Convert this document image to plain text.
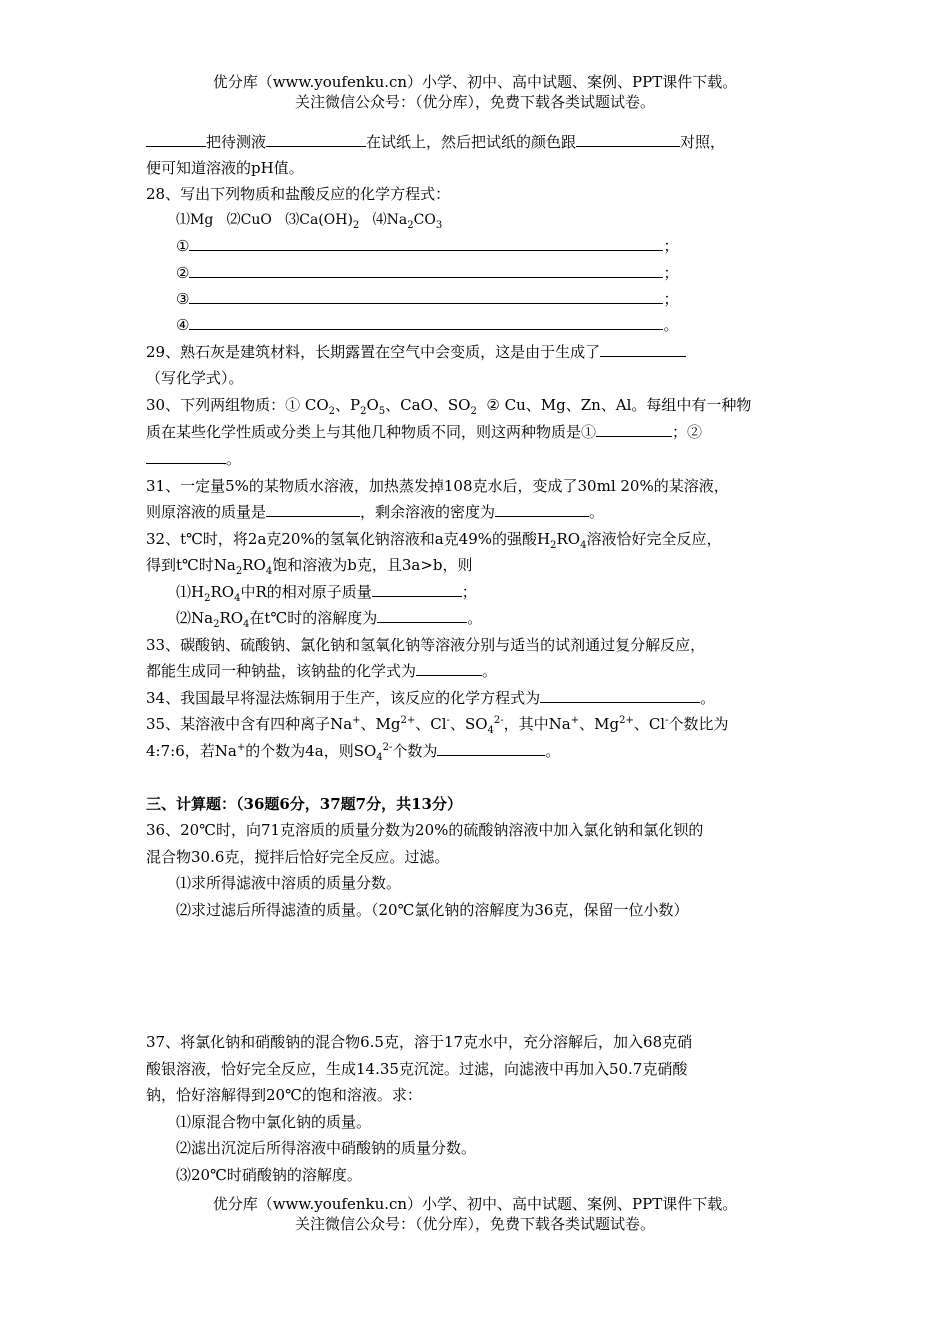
优分库（www.youfenku.cn）小学、初中、高中试题、案例、PPT课件下载。
关注微信公众号：（优分库），免费下载各类试题试卷。
把待测液	在试纸上，然后把试纸的颜色跟	对照，
便可知道溶液的pH值。
28、写出下列物质和盐酸反应的化学方程式：
⑴Mg ⑵CuO $⑶Ca(OH)_2$ $⑷Na_2CO_3$
①	；
②	；
③	；
④	。
29、熟石灰是建筑材料，长期露置在空气中会变质，这是由于生成了
（写化学式）。
30、下列两组物质：① $CO_2$、$P_2O_5$、CaO、$SO_2$  ② Cu、Mg、Zn、Al。每组中有一种物
质在某些化学性质或分类上与其他几种物质不同，则这两种物质是①	；②
。
31、一定量5%的某物质水溶液，加热蒸发掉108克水后，变成了30ml 20%的某溶液，
则原溶液的质量是	，剩余溶液的密度为	。
32、t℃时，将2a克20%的氢氧化钠溶液和a克49%的强酸$H_2RO_4$溶液恰好完全反应，
得到t℃时$Na_2RO_4$饱和溶液为b克，且3a>b，则
$⑴H_2RO_4$中R的相对原子质量	；
$⑵Na_2RO_4$在t℃时的溶解度为	。
33、碳酸钠、硫酸钠、氯化钠和氢氧化钠等溶液分别与适当的试剂通过复分解反应，
都能生成同一种钠盐，该钠盐的化学式为	。
34、我国最早将湿法炼铜用于生产，该反应的化学方程式为	。
35、某溶液中含有四种离子Na+、$Mg^{2+}$、Cl-、$SO_4^{2-}$，其中Na+、$Mg^{2+}$、Cl-个数比为
4:7:6，若Na+的个数为4a，则$SO_4^{2-}$个数为	。
三、计算题：（36题6分，37题7分，共13分）
36、20℃时，向71克溶质的质量分数为20%的硫酸钠溶液中加入氯化钠和氯化钡的
混合物30.6克，搅拌后恰好完全反应。过滤。
⑴求所得滤液中溶质的质量分数。
⑵求过滤后所得滤渣的质量。（20℃氯化钠的溶解度为36克，保留一位小数）
37、将氯化钠和硝酸钠的混合物6.5克，溶于17克水中，充分溶解后，加入68克硝
酸银溶液，恰好完全反应，生成14.35克沉淀。过滤，向滤液中再加入50.7克硝酸
钠，恰好溶解得到20℃的饱和溶液。求：
⑴原混合物中氯化钠的质量。
⑵滤出沉淀后所得溶液中硝酸钠的质量分数。
⑶20℃时硝酸钠的溶解度。
优分库（www.youfenku.cn）小学、初中、高中试题、案例、PPT课件下载。
关注微信公众号：（优分库），免费下载各类试题试卷。
